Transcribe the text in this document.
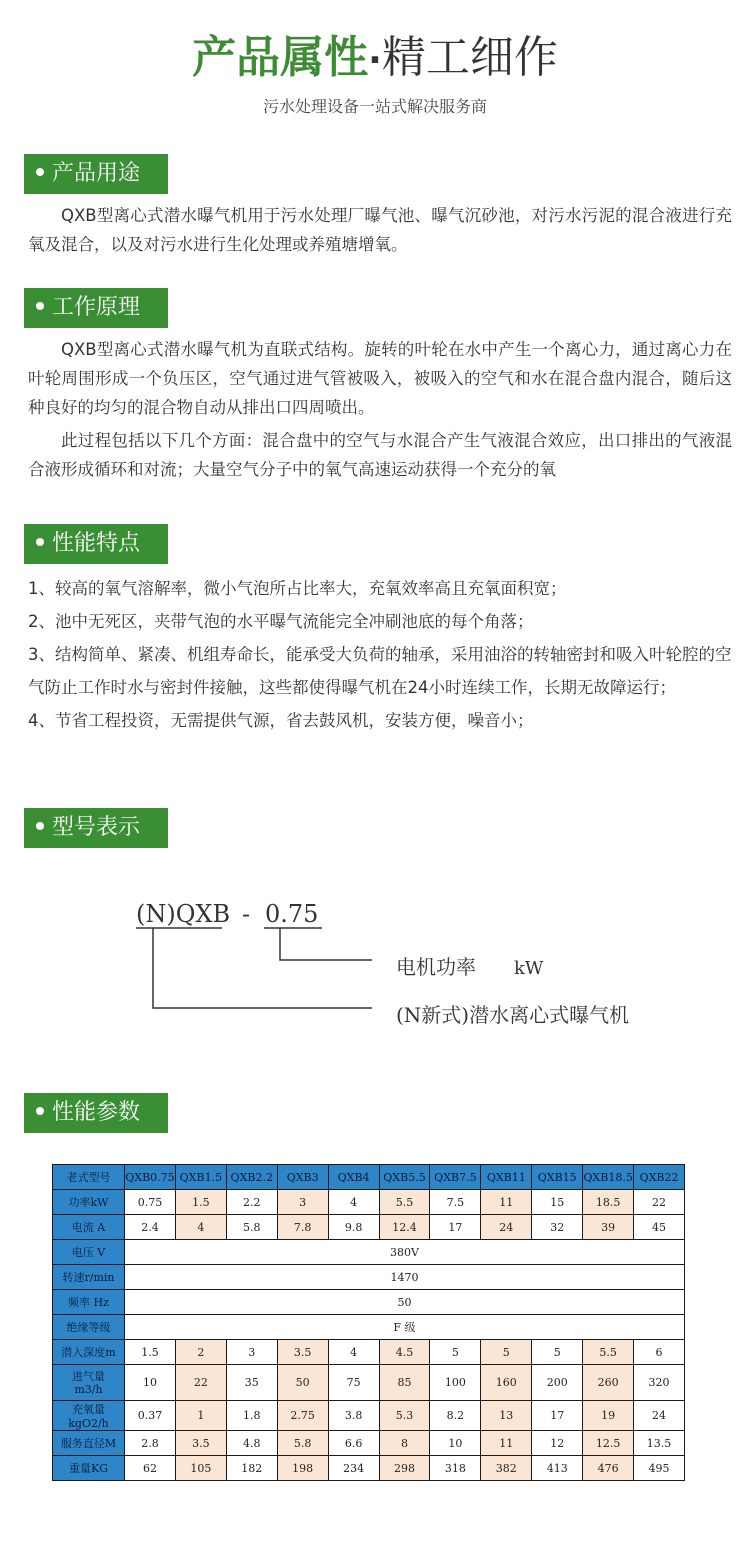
产品属性·精工细作
污水处理设备一站式解决服务商
产品用途

QXB型离心式潜水曝气机用于污水处理厂曝气池、曝气沉砂池，对污水污泥的混合液进行充氧及混合，以及对污水进行生化处理或养殖塘增氧。

工作原理

QXB型离心式潜水曝气机为直联式结构。旋转的叶轮在水中产生一个离心力，通过离心力在叶轮周围形成一个负压区，空气通过进气管被吸入，被吸入的空气和水在混合盘内混合，随后这种良好的均匀的混合物自动从排出口四周喷出。

此过程包括以下几个方面：混合盘中的空气与水混合产生气液混合效应，出口排出的气液混合液形成循环和对流；大量空气分子中的氧气高速运动获得一个充分的氧

性能特点
1、较高的氧气溶解率，微小气泡所占比率大，充氧效率高且充氧面积宽；
2、池中无死区，夹带气泡的水平曝气流能完全冲刷池底的每个角落；
3、结构简单、紧凑、机组寿命长，能承受大负荷的轴承，采用油浴的转轴密封和吸入叶轮腔的空气防止工作时水与密封件接触，这些都使得曝气机在24小时连续工作，长期无故障运行；
4、节省工程投资，无需提供气源，省去鼓风机，安装方便，噪音小；
型号表示
(N)QXB - 0.75
电机功率 kW
(N新式)潜水离心式曝气机
性能参数
老式型号	QXB0.75	QXB1.5	QXB2.2	QXB3	QXB4	QXB5.5	QXB7.5	QXB11	QXB15	QXB18.5	QXB22
功率kW	0.75	1.5	2.2	3	4	5.5	7.5	11	15	18.5	22
电流 A	2.4	4	5.8	7.8	9.8	12.4	17	24	32	39	45
电压 V	380V										
转速r/min	1470										
频率 Hz	50										
绝缘等级	F 级										
潜入深度m	1.5	2	3	3.5	4	4.5	5	5	5	5.5	6
进气量
m3/h	10	22	35	50	75	85	100	160	200	260	320
充氧量kgO2/h	0.37	1	1.8	2.75	3.8	5.3	8.2	13	17	19	24
服务直径M	2.8	3.5	4.8	5.8	6.6	8	10	11	12	12.5	13.5
重量KG	62	105	182	198	234	298	318	382	413	476	495
